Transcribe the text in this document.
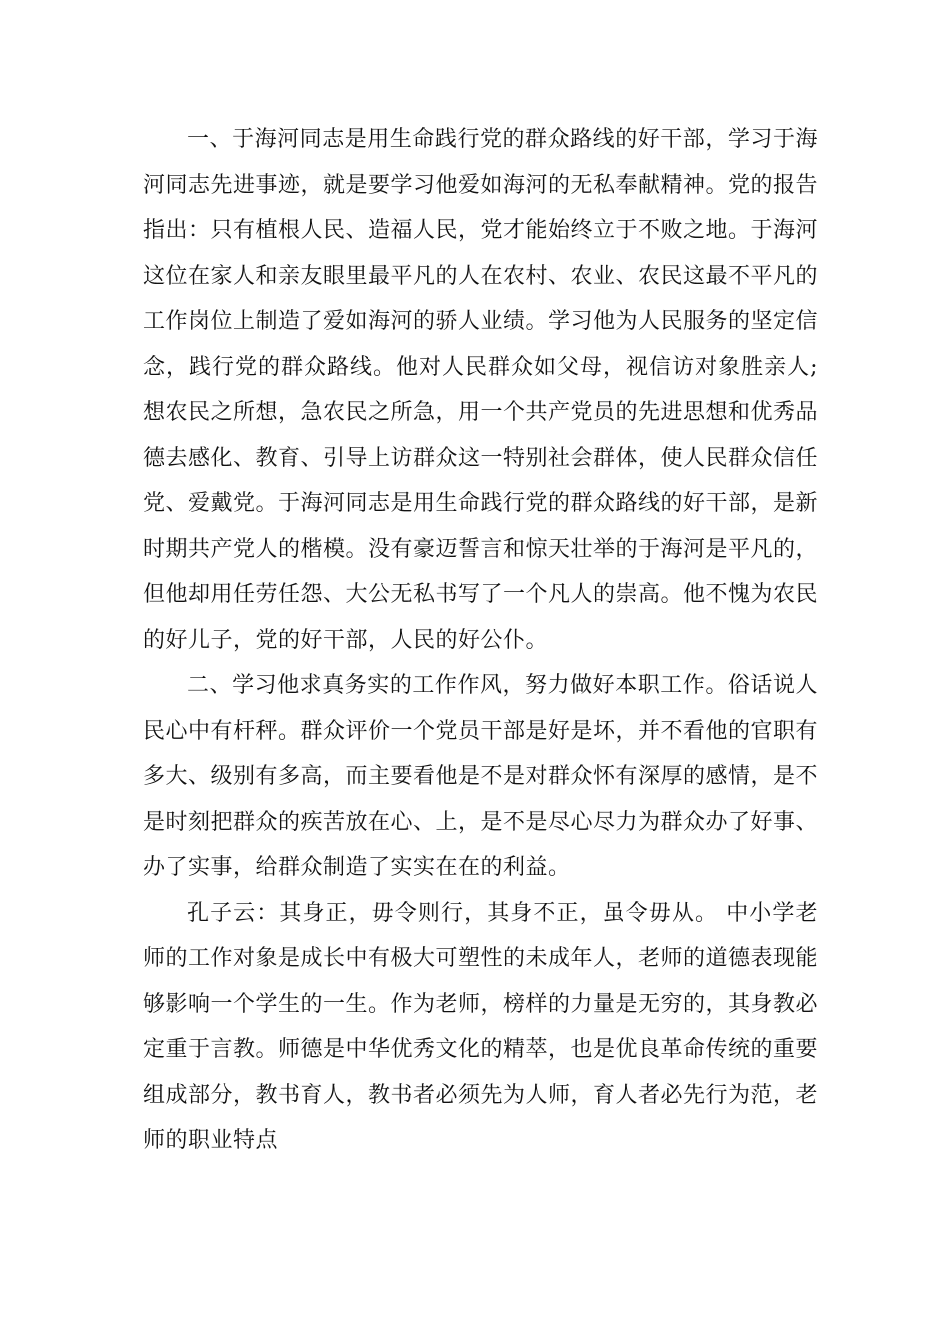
一、于海河同志是用生命践行党的群众路线的好干部，学习于海河同志先进事迹，就是要学习他爱如海河的无私奉献精神。党的报告指出：只有植根人民、造福人民，党才能始终立于不败之地。于海河这位在家人和亲友眼里最平凡的人在农村、农业、农民这最不平凡的工作岗位上制造了爱如海河的骄人业绩。学习他为人民服务的坚定信念，践行党的群众路线。他对人民群众如父母，视信访对象胜亲人;想农民之所想，急农民之所急，用一个共产党员的先进思想和优秀品德去感化、教育、引导上访群众这一特别社会群体，使人民群众信任党、爱戴党。于海河同志是用生命践行党的群众路线的好干部，是新时期共产党人的楷模。没有豪迈誓言和惊天壮举的于海河是平凡的，但他却用任劳任怨、大公无私书写了一个凡人的崇高。他不愧为农民的好儿子，党的好干部，人民的好公仆。

二、学习他求真务实的工作作风，努力做好本职工作。俗话说人民心中有杆秤。群众评价一个党员干部是好是坏，并不看他的官职有多大、级别有多高，而主要看他是不是对群众怀有深厚的感情，是不是时刻把群众的疾苦放在心、上，是不是尽心尽力为群众办了好事、办了实事，给群众制造了实实在在的利益。

孔子云：其身正，毋令则行，其身不正，虽令毋从。 中小学老师的工作对象是成长中有极大可塑性的未成年人，老师的道德表现能够影响一个学生的一生。作为老师，榜样的力量是无穷的，其身教必定重于言教。师德是中华优秀文化的精萃，也是优良革命传统的重要组成部分，教书育人，教书者必须先为人师，育人者必先行为范，老师的职业特点
